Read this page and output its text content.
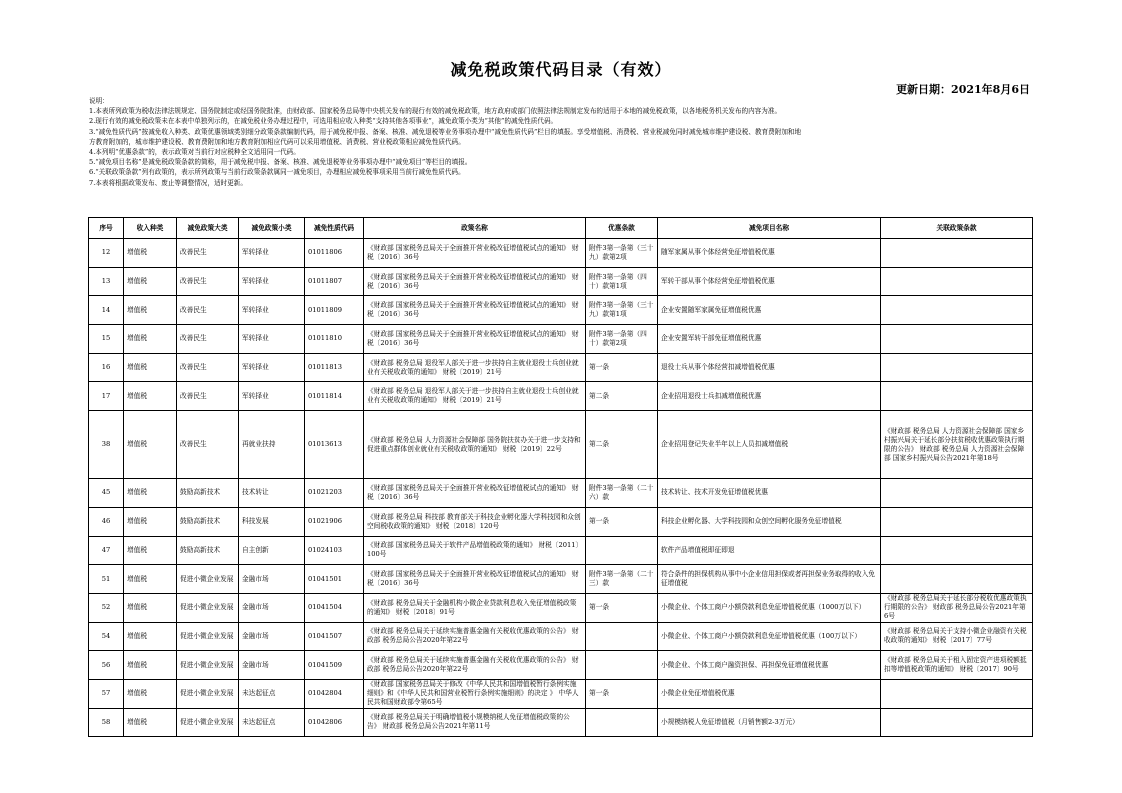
减免税政策代码目录（有效）
更新日期：2021年8月6日
说明：
1.本表所列政策为税收法律法规规定、国务院制定或经国务院批准，由财政部、国家税务总局等中央机关发布的现行有效的减免税政策，地方政府或部门依照法律法规制定发布的适用于本地的减免税政策，以各地税务机关发布的内容为准。
2.现行有效的减免税政策未在本表中单独列示的，在减免税业务办理过程中，可选用相应收入种类“支持其他各项事业”，减免政策小类为“其他”的减免性质代码。
3.“减免性质代码”按减免收入种类、政策优惠领域类别细分政策条款编制代码，用于减免税申报、备案、核准、减免退税等业务事项办理中“减免性质代码”栏目的填报。享受增值税、消费税、营业税减免同时减免城市维护建设税、教育费附加和地
方教育附加的，城市维护建设税、教育费附加和地方教育附加相应代码可以采用增值税、消费税、营业税政策相应减免性质代码。
4.本列明“优惠条款”的，表示政策对当前行对应税种全文适用同一代码。
5.“减免项目名称”是减免税政策条款的简称，用于减免税申报、备案、核准、减免退税等业务事项办理中“减免项目”等栏目的填报。
6.“关联政策条款”列有政策的，表示所列政策与当前行政策条款属同一减免项目，办理相应减免税事项采用当前行减免性质代码。
7.本表将根据政策发布、废止等调整情况，适时更新。
序号	收入种类	减免政策大类	减免政策小类	减免性质代码	政策名称	优惠条款	减免项目名称	关联政策条款
12	增值税	改善民生	军转择业	01011806	《财政部 国家税务总局关于全面推开营业税改征增值税试点的通知》 财税〔2016〕36号	附件3第一条第（三十九）款第2项	随军家属从事个体经营免征增值税优惠	
13	增值税	改善民生	军转择业	01011807	《财政部 国家税务总局关于全面推开营业税改征增值税试点的通知》 财税〔2016〕36号	附件3第一条第（四十）款第1项	军转干部从事个体经营免征增值税优惠	
14	增值税	改善民生	军转择业	01011809	《财政部 国家税务总局关于全面推开营业税改征增值税试点的通知》 财税〔2016〕36号	附件3第一条第（三十九）款第1项	企业安置随军家属免征增值税优惠	
15	增值税	改善民生	军转择业	01011810	《财政部 国家税务总局关于全面推开营业税改征增值税试点的通知》 财税〔2016〕36号	附件3第一条第（四十）款第2项	企业安置军转干部免征增值税优惠	
16	增值税	改善民生	军转择业	01011813	《财政部 税务总局 退役军人部关于进一步扶持自主就业退役士兵创业就业有关税收政策的通知》 财税〔2019〕21号	第一条	退役士兵从事个体经营扣减增值税优惠	
17	增值税	改善民生	军转择业	01011814	《财政部 税务总局 退役军人部关于进一步扶持自主就业退役士兵创业就业有关税收政策的通知》 财税〔2019〕21号	第二条	企业招用退役士兵扣减增值税优惠	
38	增值税	改善民生	再就业扶持	01013613	《财政部 税务总局 人力资源社会保障部 国务院扶贫办关于进一步支持和促进重点群体创业就业有关税收政策的通知》 财税〔2019〕22号	第二条	企业招用登记失业半年以上人员扣减增值税	《财政部 税务总局 人力资源社会保障部 国家乡村振兴局关于延长部分扶贫税收优惠政策执行期限的公告》 财政部 税务总局 人力资源社会保障部 国家乡村振兴局公告2021年第18号
45	增值税	鼓励高新技术	技术转让	01021203	《财政部 国家税务总局关于全面推开营业税改征增值税试点的通知》 财税〔2016〕36号	附件3第一条第（二十六）款	技术转让、技术开发免征增值税优惠	
46	增值税	鼓励高新技术	科技发展	01021906	《财政部 税务总局 科技部 教育部关于科技企业孵化器大学科技园和众创空间税收政策的通知》 财税〔2018〕120号	第一条	科技企业孵化器、大学科技园和众创空间孵化服务免征增值税	
47	增值税	鼓励高新技术	自主创新	01024103	《财政部 国家税务总局关于软件产品增值税政策的通知》 财税〔2011〕100号		软件产品增值税即征即退	
51	增值税	促进小微企业发展	金融市场	01041501	《财政部 国家税务总局关于全面推开营业税改征增值税试点的通知》 财税〔2016〕36号	附件3第一条第（二十三）款	符合条件的担保机构从事中小企业信用担保或者再担保业务取得的收入免征增值税	
52	增值税	促进小微企业发展	金融市场	01041504	《财政部 税务总局关于金融机构小微企业贷款利息收入免征增值税政策的通知》 财税〔2018〕91号	第一条	小微企业、个体工商户小额贷款利息免征增值税优惠（1000万以下）	《财政部 税务总局关于延长部分税收优惠政策执行期限的公告》 财政部 税务总局公告2021年第6号
54	增值税	促进小微企业发展	金融市场	01041507	《财政部 税务总局关于延续实施普惠金融有关税收优惠政策的公告》 财政部 税务总局公告2020年第22号		小微企业、个体工商户小额贷款利息免征增值税优惠（100万以下）	《财政部 税务总局关于支持小微企业融资有关税收政策的通知》 财税〔2017〕77号
56	增值税	促进小微企业发展	金融市场	01041509	《财政部 税务总局关于延续实施普惠金融有关税收优惠政策的公告》 财政部 税务总局公告2020年第22号		小微企业、个体工商户融资担保、再担保免征增值税优惠	《财政部 税务总局关于租入固定资产进项税额抵扣等增值税政策的通知》 财税〔2017〕90号
57	增值税	促进小微企业发展	未达起征点	01042804	《财政部 国家税务总局关于修改《中华人民共和国增值税暂行条例实施细则》和《中华人民共和国营业税暂行条例实施细则》的决定 》 中华人民共和国财政部令第65号	第一条	小微企业免征增值税优惠	
58	增值税	促进小微企业发展	未达起征点	01042806	《财政部 税务总局关于明确增值税小规模纳税人免征增值税政策的公告》 财政部 税务总局公告2021年第11号		小规模纳税人免征增值税（月销售额2-3万元）	
